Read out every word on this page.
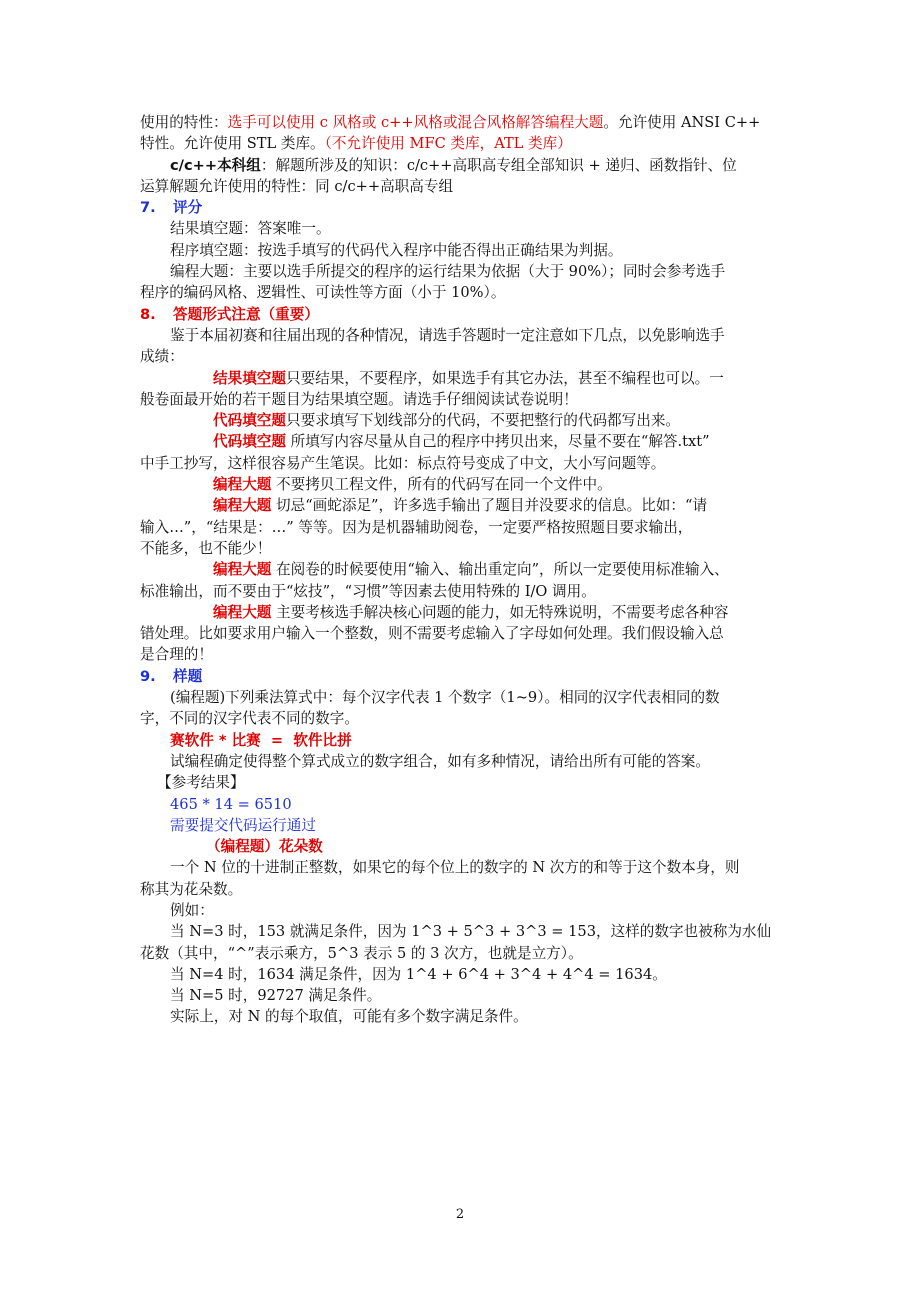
使用的特性：选手可以使用 c 风格或 c++风格或混合风格解答编程大题。允许使用 ANSI C++
特性。允许使用 STL 类库。（不允许使用 MFC 类库，ATL 类库）
c/c++本科组：解题所涉及的知识：c/c++高职高专组全部知识 + 递归、函数指针、位
运算解题允许使用的特性：同 c/c++高职高专组
7. 评分
结果填空题：答案唯一。
程序填空题：按选手填写的代码代入程序中能否得出正确结果为判据。
编程大题：主要以选手所提交的程序的运行结果为依据（大于 90%）；同时会参考选手
程序的编码风格、逻辑性、可读性等方面（小于 10%）。
8. 答题形式注意（重要）
鉴于本届初赛和往届出现的各种情况，请选手答题时一定注意如下几点，以免影响选手
成绩：
结果填空题只要结果，不要程序，如果选手有其它办法，甚至不编程也可以。一
般卷面最开始的若干题目为结果填空题。请选手仔细阅读试卷说明！
代码填空题只要求填写下划线部分的代码，不要把整行的代码都写出来。
代码填空题 所填写内容尽量从自己的程序中拷贝出来，尽量不要在“解答.txt”
中手工抄写，这样很容易产生笔误。比如：标点符号变成了中文，大小写问题等。
编程大题 不要拷贝工程文件，所有的代码写在同一个文件中。
编程大题 切忌“画蛇添足”，许多选手输出了题目并没要求的信息。比如：“请
输入…”，“结果是：…” 等等。因为是机器辅助阅卷，一定要严格按照题目要求输出，
不能多，也不能少！
编程大题 在阅卷的时候要使用“输入、输出重定向”，所以一定要使用标准输入、
标准输出，而不要由于“炫技”，“习惯”等因素去使用特殊的 I/O 调用。
编程大题 主要考核选手解决核心问题的能力，如无特殊说明，不需要考虑各种容
错处理。比如要求用户输入一个整数，则不需要考虑输入了字母如何处理。我们假设输入总
是合理的！
9. 样题
(编程题)下列乘法算式中：每个汉字代表 1 个数字（1~9）。相同的汉字代表相同的数
字，不同的汉字代表不同的数字。
赛软件 * 比赛  =  软件比拼
试编程确定使得整个算式成立的数字组合，如有多种情况，请给出所有可能的答案。
【参考结果】
465 * 14 = 6510
需要提交代码运行通过
（编程题）花朵数
一个 N 位的十进制正整数，如果它的每个位上的数字的 N 次方的和等于这个数本身，则
称其为花朵数。
例如：
当 N=3 时，153 就满足条件，因为 1^3 + 5^3 + 3^3 = 153，这样的数字也被称为水仙
花数（其中，“^”表示乘方，5^3 表示 5 的 3 次方，也就是立方）。
当 N=4 时，1634 满足条件，因为 1^4 + 6^4 + 3^4 + 4^4 = 1634。
当 N=5 时，92727 满足条件。
实际上，对 N 的每个取值，可能有多个数字满足条件。
2
